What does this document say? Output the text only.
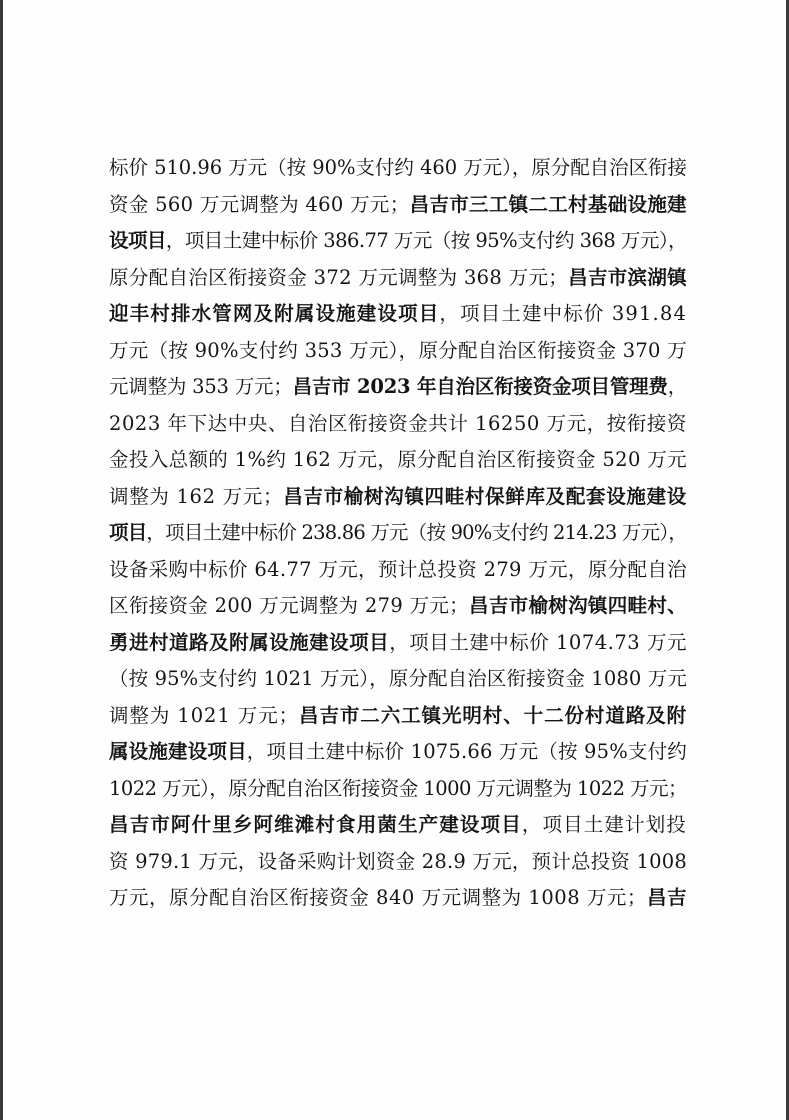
标价 510.96 万元（按 90%支付约 460 万元），原分配自治区衔接
资金 560 万元调整为 460 万元；昌吉市三工镇二工村基础设施建
设项目，项目土建中标价 386.77 万元（按 95%支付约 368 万元），
原分配自治区衔接资金 372 万元调整为 368 万元；昌吉市滨湖镇
迎丰村排水管网及附属设施建设项目，项目土建中标价 391.84
万元（按 90%支付约 353 万元），原分配自治区衔接资金 370 万
元调整为 353 万元；昌吉市 2023 年自治区衔接资金项目管理费，
2023 年下达中央、自治区衔接资金共计 16250 万元，按衔接资
金投入总额的 1%约 162 万元，原分配自治区衔接资金 520 万元
调整为 162 万元；昌吉市榆树沟镇四畦村保鲜库及配套设施建设
项目，项目土建中标价 238.86 万元（按 90%支付约 214.23 万元），
设备采购中标价 64.77 万元，预计总投资 279 万元，原分配自治
区衔接资金 200 万元调整为 279 万元；昌吉市榆树沟镇四畦村、
勇进村道路及附属设施建设项目，项目土建中标价 1074.73 万元
（按 95%支付约 1021 万元），原分配自治区衔接资金 1080 万元
调整为 1021 万元；昌吉市二六工镇光明村、十二份村道路及附
属设施建设项目，项目土建中标价 1075.66 万元（按 95%支付约
1022 万元），原分配自治区衔接资金 1000 万元调整为 1022 万元；
昌吉市阿什里乡阿维滩村食用菌生产建设项目，项目土建计划投
资 979.1 万元，设备采购计划资金 28.9 万元，预计总投资 1008
万元，原分配自治区衔接资金 840 万元调整为 1008 万元；昌吉
